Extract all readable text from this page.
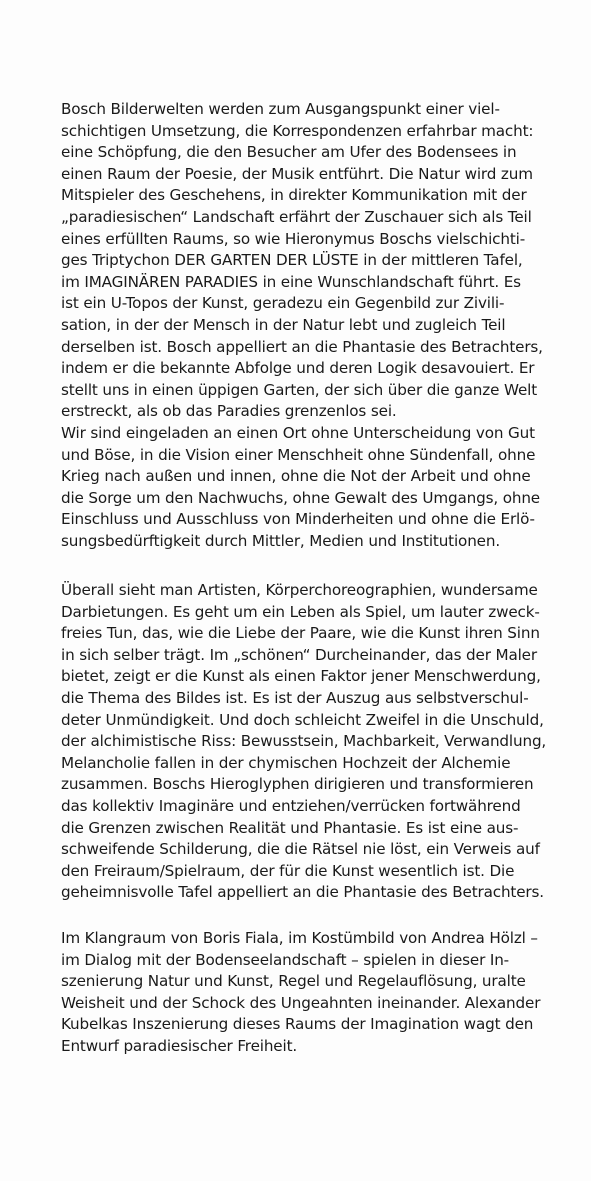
Bosch Bilderwelten werden zum Ausgangspunkt einer viel-
schichtigen Umsetzung, die Korrespondenzen erfahrbar macht:
eine Schöpfung, die den Besucher am Ufer des Bodensees in
einen Raum der Poesie, der Musik entführt. Die Natur wird zum
Mitspieler des Geschehens, in direkter Kommunikation mit der
„paradiesischen“ Landschaft erfährt der Zuschauer sich als Teil
eines erfüllten Raums, so wie Hieronymus Boschs vielschichti-
ges Triptychon DER GARTEN DER LÜSTE in der mittleren Tafel,
im IMAGINÄREN PARADIES in eine Wunschlandschaft führt. Es
ist ein U-Topos der Kunst, geradezu ein Gegenbild zur Zivili-
sation, in der der Mensch in der Natur lebt und zugleich Teil
derselben ist. Bosch appelliert an die Phantasie des Betrachters,
indem er die bekannte Abfolge und deren Logik desavouiert. Er
stellt uns in einen üppigen Garten, der sich über die ganze Welt
erstreckt, als ob das Paradies grenzenlos sei.
Wir sind eingeladen an einen Ort ohne Unterscheidung von Gut
und Böse, in die Vision einer Menschheit ohne Sündenfall, ohne
Krieg nach außen und innen, ohne die Not der Arbeit und ohne
die Sorge um den Nachwuchs, ohne Gewalt des Umgangs, ohne
Einschluss und Ausschluss von Minderheiten und ohne die Erlö-
sungsbedürftigkeit durch Mittler, Medien und Institutionen.
Überall sieht man Artisten, Körperchoreographien, wundersame
Darbietungen. Es geht um ein Leben als Spiel, um lauter zweck-
freies Tun, das, wie die Liebe der Paare, wie die Kunst ihren Sinn
in sich selber trägt. Im „schönen“ Durcheinander, das der Maler
bietet, zeigt er die Kunst als einen Faktor jener Menschwerdung,
die Thema des Bildes ist. Es ist der Auszug aus selbstverschul-
deter Unmündigkeit. Und doch schleicht Zweifel in die Unschuld,
der alchimistische Riss: Bewusstsein, Machbarkeit, Verwandlung,
Melancholie fallen in der chymischen Hochzeit der Alchemie
zusammen. Boschs Hieroglyphen dirigieren und transformieren
das kollektiv Imaginäre und entziehen/verrücken fortwährend
die Grenzen zwischen Realität und Phantasie. Es ist eine aus-
schweifende Schilderung, die die Rätsel nie löst, ein Verweis auf
den Freiraum/Spielraum, der für die Kunst wesentlich ist. Die
geheimnisvolle Tafel appelliert an die Phantasie des Betrachters.
Im Klangraum von Boris Fiala, im Kostümbild von Andrea Hölzl –
im Dialog mit der Bodenseelandschaft – spielen in dieser In-
szenierung Natur und Kunst, Regel und Regelauflösung, uralte
Weisheit und der Schock des Ungeahnten ineinander. Alexander
Kubelkas Inszenierung dieses Raums der Imagination wagt den
Entwurf paradiesischer Freiheit.
